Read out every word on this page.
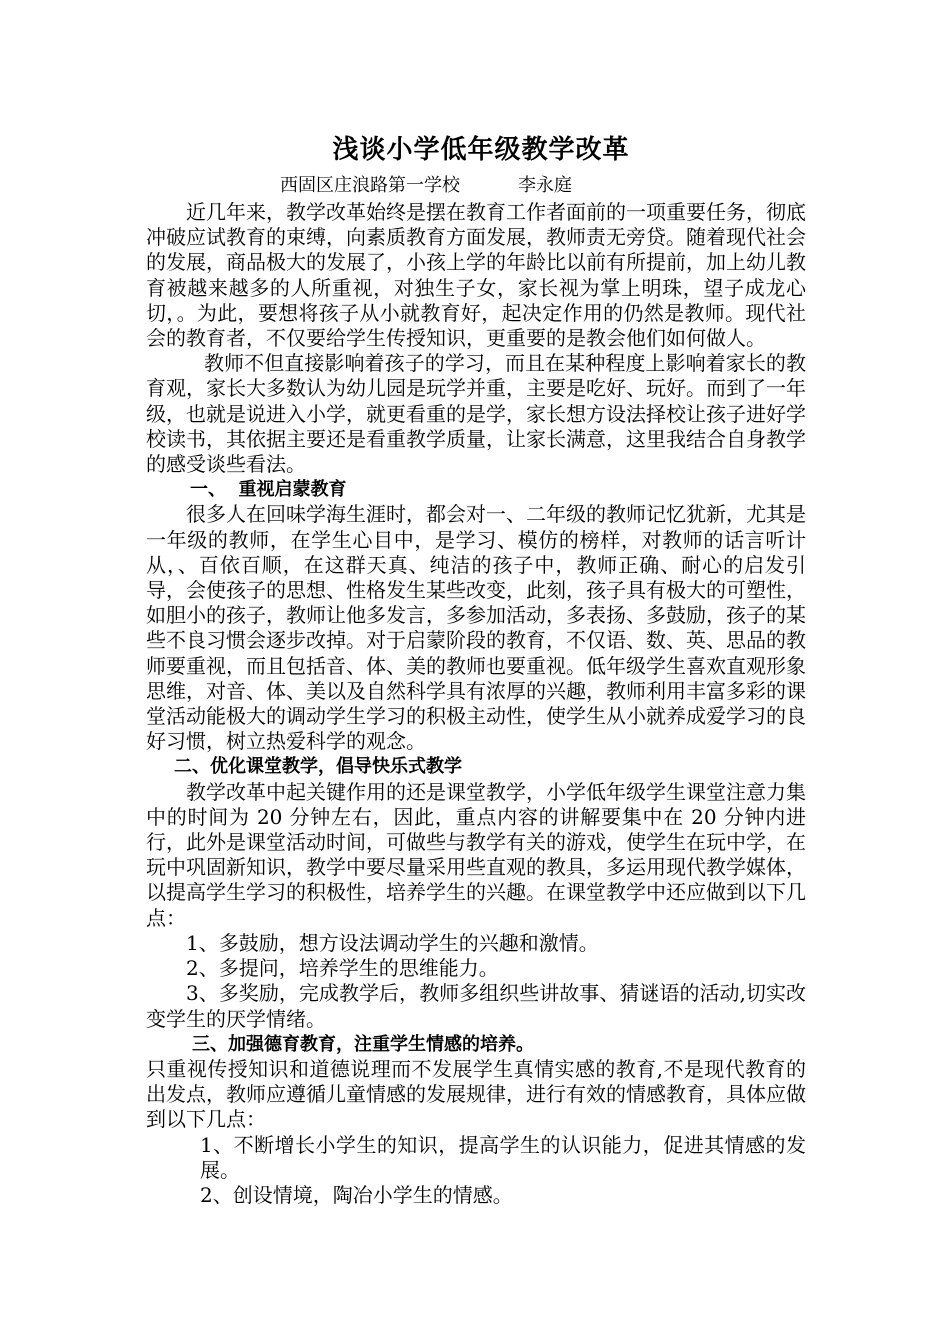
浅谈小学低年级教学改革
西固区庄浪路第一学校	李永庭

近几年来，教学改革始终是摆在教育工作者面前的一项重要任务，彻底冲破应试教育的束缚，向素质教育方面发展，教师责无旁贷。随着现代社会的发展，商品极大的发展了，小孩上学的年龄比以前有所提前，加上幼儿教育被越来越多的人所重视，对独生子女，家长视为掌上明珠，望子成龙心切，。为此，要想将孩子从小就教育好，起决定作用的仍然是教师。现代社会的教育者，不仅要给学生传授知识，更重要的是教会他们如何做人。

教师不但直接影响着孩子的学习，而且在某种程度上影响着家长的教育观，家长大多数认为幼儿园是玩学并重，主要是吃好、玩好。而到了一年级，也就是说进入小学，就更看重的是学，家长想方设法择校让孩子进好学校读书，其依据主要还是看重教学质量，让家长满意，这里我结合自身教学的感受谈些看法。

一、  重视启蒙教育

很多人在回味学海生涯时，都会对一、二年级的教师记忆犹新，尤其是一年级的教师，在学生心目中，是学习、模仿的榜样，对教师的话言听计从，、百依百顺，在这群天真、纯洁的孩子中，教师正确、耐心的启发引导，会使孩子的思想、性格发生某些改变，此刻，孩子具有极大的可塑性，如胆小的孩子，教师让他多发言，多参加活动，多表扬、多鼓励，孩子的某些不良习惯会逐步改掉。对于启蒙阶段的教育，不仅语、数、英、思品的教师要重视，而且包括音、体、美的教师也要重视。低年级学生喜欢直观形象思维，对音、体、美以及自然科学具有浓厚的兴趣，教师利用丰富多彩的课堂活动能极大的调动学生学习的积极主动性，使学生从小就养成爱学习的良好习惯，树立热爱科学的观念。

二、优化课堂教学，倡导快乐式教学

教学改革中起关键作用的还是课堂教学，小学低年级学生课堂注意力集中的时间为 20 分钟左右，因此，重点内容的讲解要集中在 20 分钟内进行，此外是课堂活动时间，可做些与教学有关的游戏，使学生在玩中学，在玩中巩固新知识，教学中要尽量采用些直观的教具，多运用现代教学媒体，以提高学生学习的积极性，培养学生的兴趣。在课堂教学中还应做到以下几点：

1、多鼓励，想方设法调动学生的兴趣和激情。

2、多提问，培养学生的思维能力。

3、多奖励，完成教学后，教师多组织些讲故事、猜谜语的活动,切实改变学生的厌学情绪。

三、加强德育教育，注重学生情感的培养。

只重视传授知识和道德说理而不发展学生真情实感的教育,不是现代教育的出发点，教师应遵循儿童情感的发展规律，进行有效的情感教育，具体应做到以下几点：

1、不断增长小学生的知识，提高学生的认识能力，促进其情感的发展。

2、创设情境，陶冶小学生的情感。
